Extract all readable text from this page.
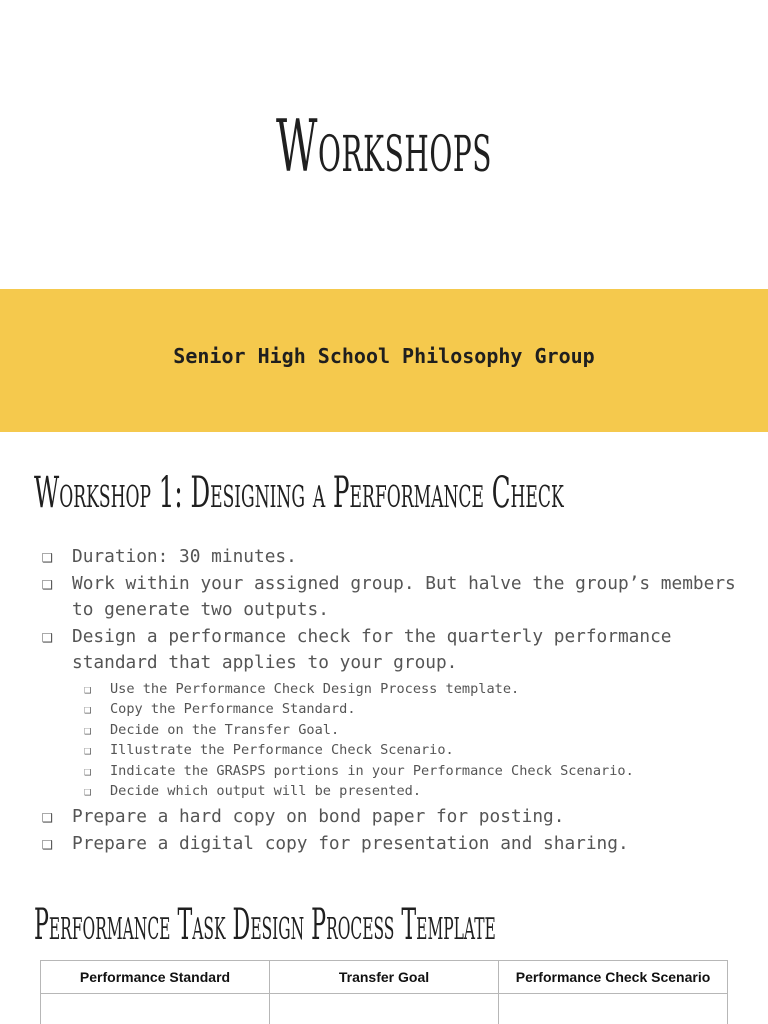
Workshops
Senior High School Philosophy Group
Workshop 1: Designing a Performance Check
❑	Duration: 30 minutes.
❑	Work within your assigned group. But halve the group’s members to generate two outputs.
❑	Design a performance check for the quarterly performance standard that applies to your group.
❑	Use the Performance Check Design Process template.
❑	Copy the Performance Standard.
❑	Decide on the Transfer Goal.
❑	Illustrate the Performance Check Scenario.
❑	Indicate the GRASPS portions in your Performance Check Scenario.
❑	Decide which output will be presented.
❑	Prepare a hard copy on bond paper for posting.
❑	Prepare a digital copy for presentation and sharing.
Performance Task Design Process Template
Performance Standard	Transfer Goal	Performance Check Scenario
